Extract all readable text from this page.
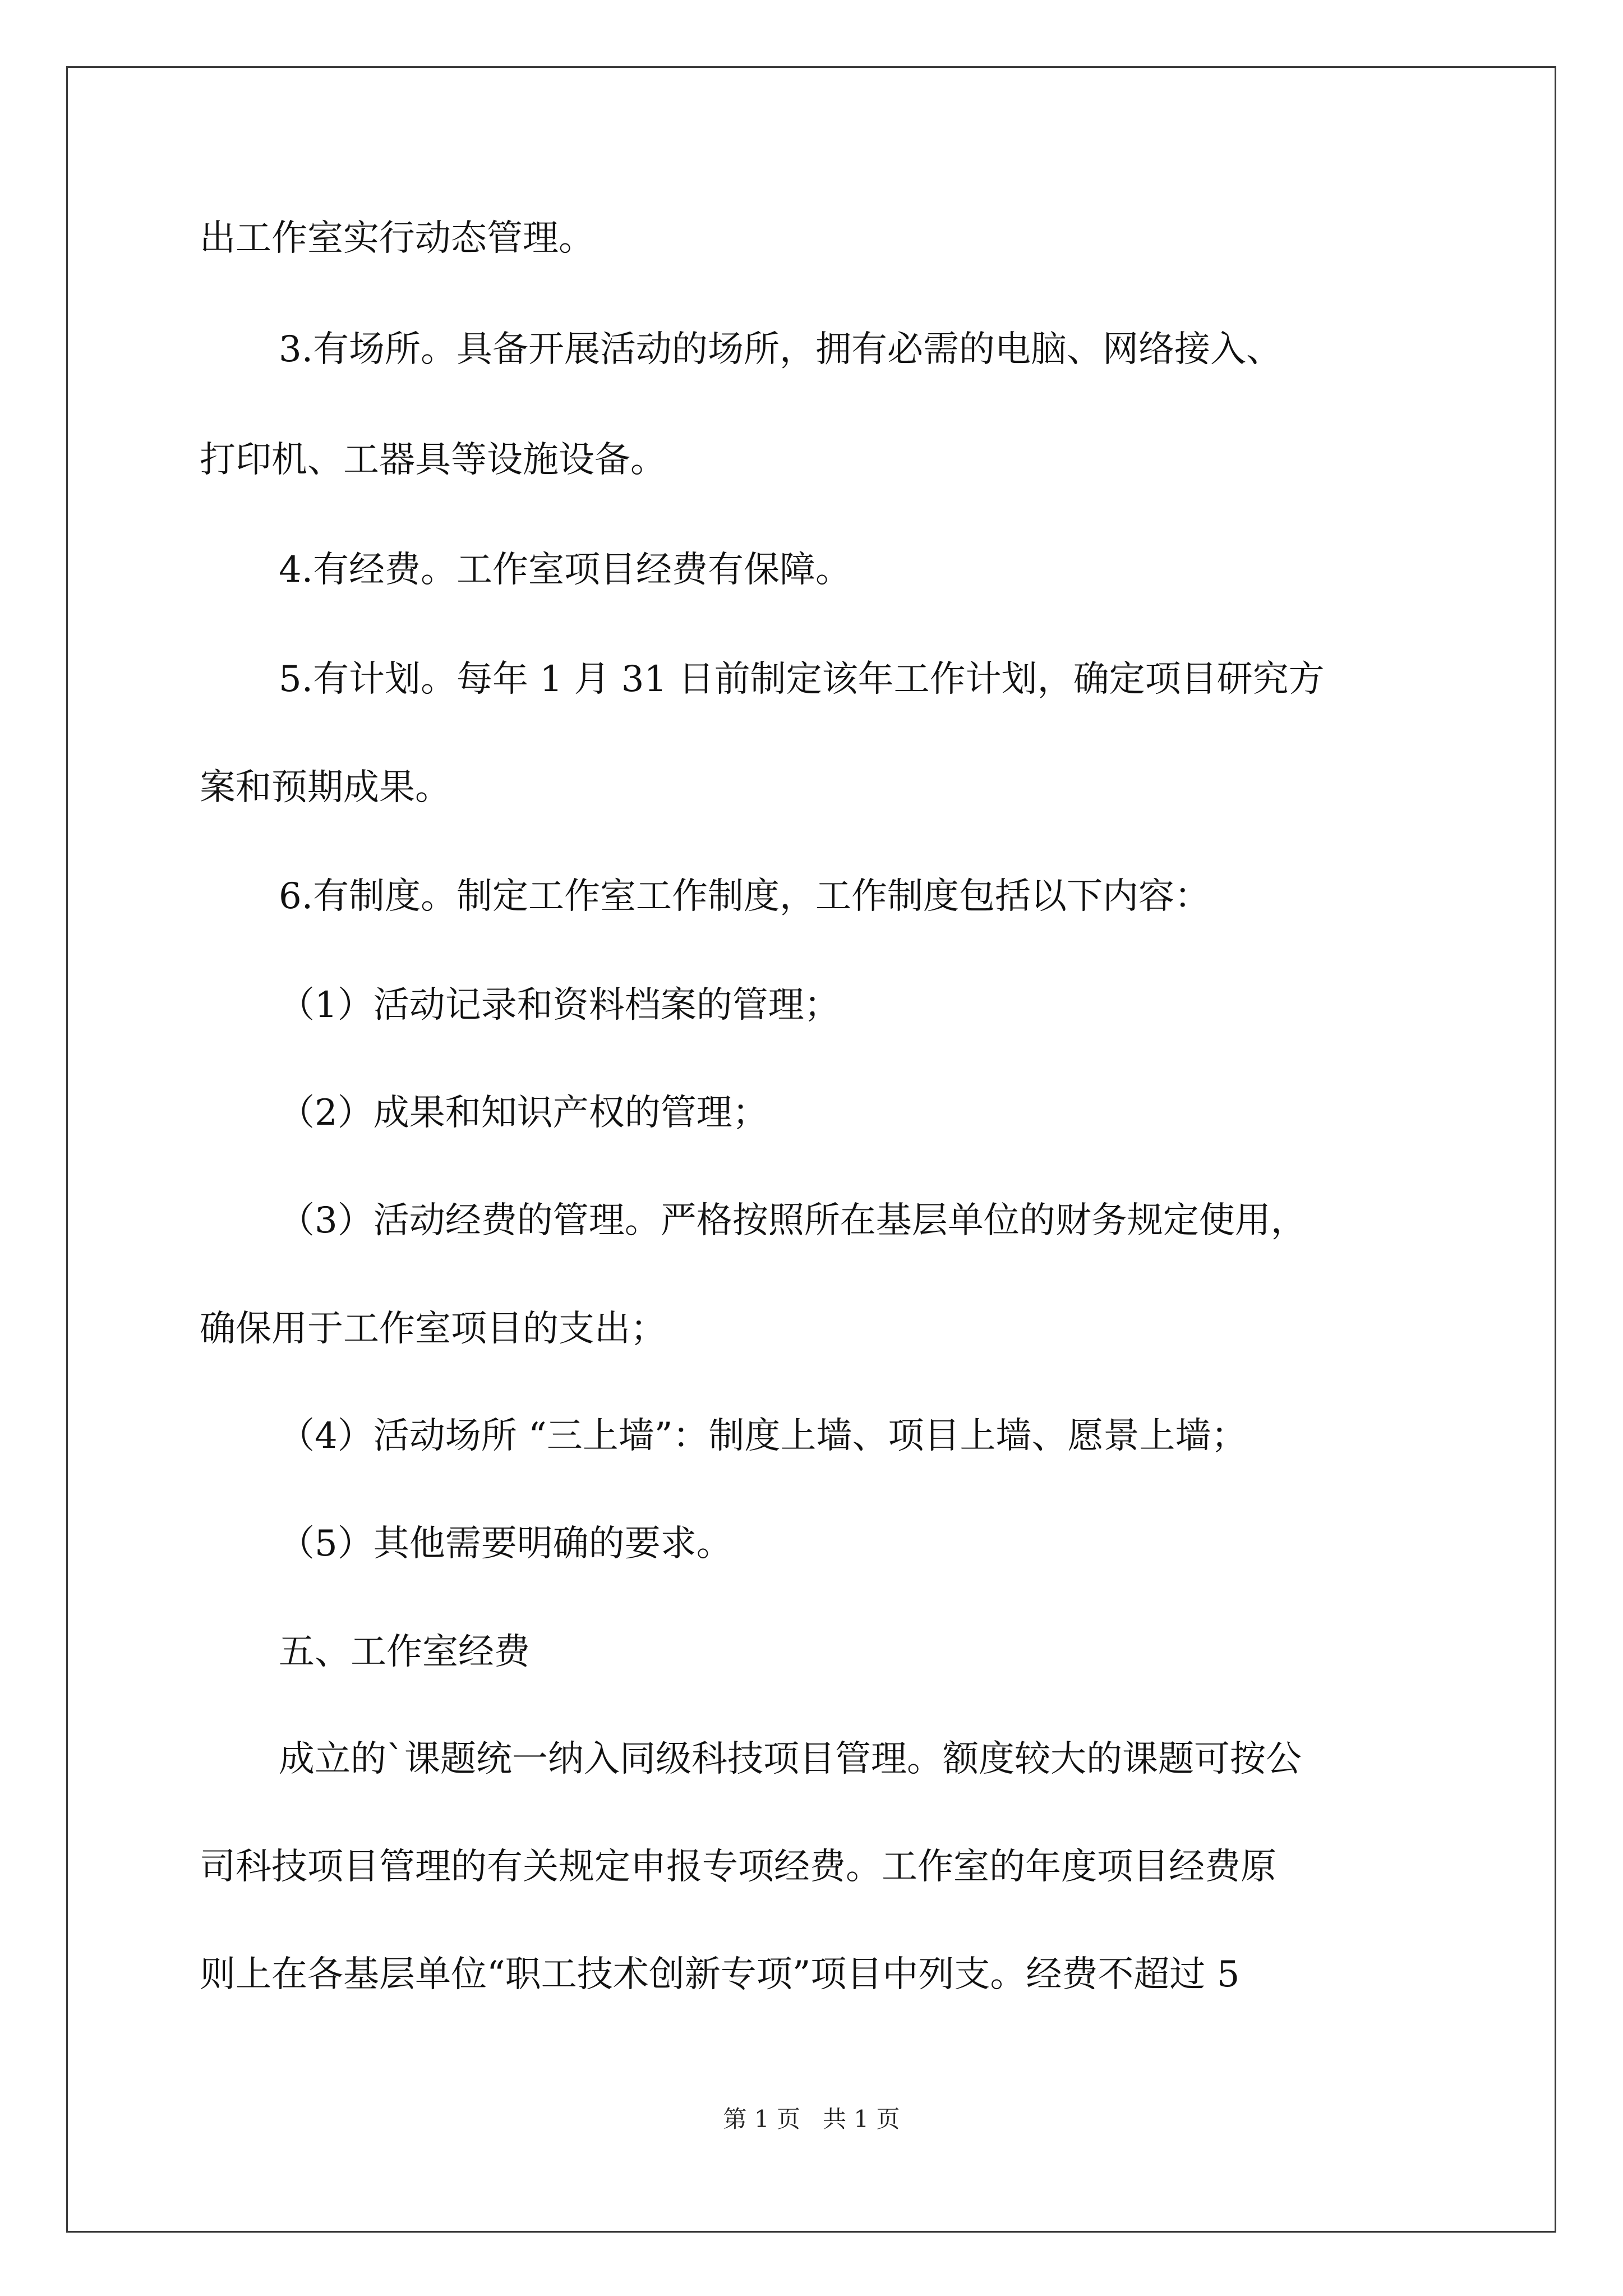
出工作室实行动态管理。

3.有场所。具备开展活动的场所，拥有必需的电脑、网络接入、

打印机、工器具等设施设备。

4.有经费。工作室项目经费有保障。

5.有计划。每年 1 月 31 日前制定该年工作计划，确定项目研究方

案和预期成果。

6.有制度。制定工作室工作制度，工作制度包括以下内容：

（1）活动记录和资料档案的管理；

（2）成果和知识产权的管理；

（3）活动经费的管理。严格按照所在基层单位的财务规定使用，

确保用于工作室项目的支出；

（4）活动场所 “三上墙”：制度上墙、项目上墙、愿景上墙；

（5）其他需要明确的要求。

五、工作室经费

成立的`课题统一纳入同级科技项目管理。额度较大的课题可按公

司科技项目管理的有关规定申报专项经费。工作室的年度项目经费原

则上在各基层单位“职工技术创新专项”项目中列支。经费不超过 5

第 1 页   共 1 页
